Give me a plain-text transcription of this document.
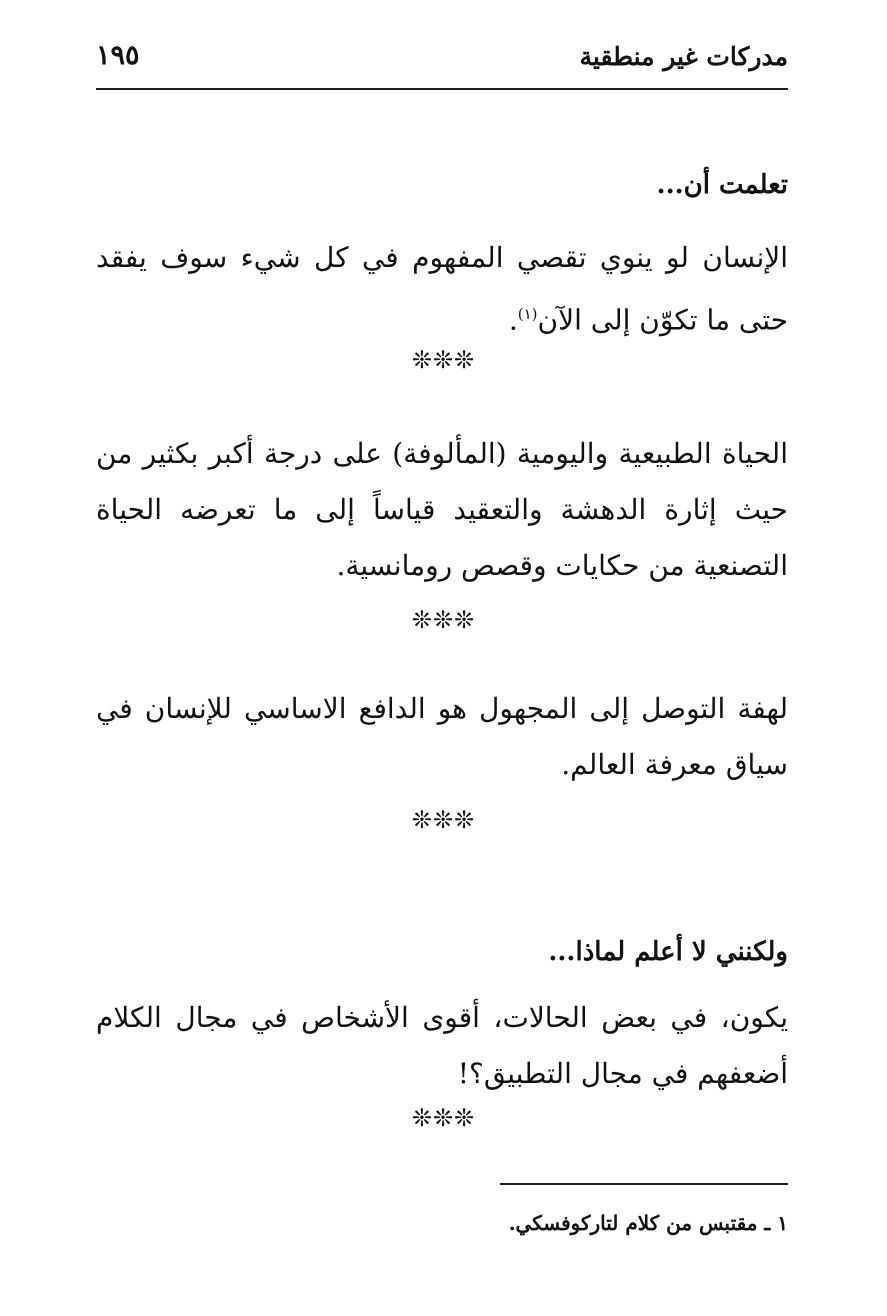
مدركات غير منطقية
١٩٥

تعلمت أن...

الإنسان لو ينوي تقصي المفهوم في كل شيء سوف يفقد حتى ما تكوّن إلى الآن$^{(١)}$.

❊❊❊

الحياة الطبيعية واليومية (المألوفة) على درجة أكبر بكثير من حيث إثارة الدهشة والتعقيد قياساً إلى ما تعرضه الحياة التصنعية من حكايات وقصص رومانسية.

❊❊❊

لهفة التوصل إلى المجهول هو الدافع الاساسي للإنسان في سياق معرفة العالم.

❊❊❊

ولكنني لا أعلم لماذا...

يكون، في بعض الحالات، أقوى الأشخاص في مجال الكلام أضعفهم في مجال التطبيق؟!

❊❊❊
١ ـ مقتبس من كلام لتاركوفسكي.
